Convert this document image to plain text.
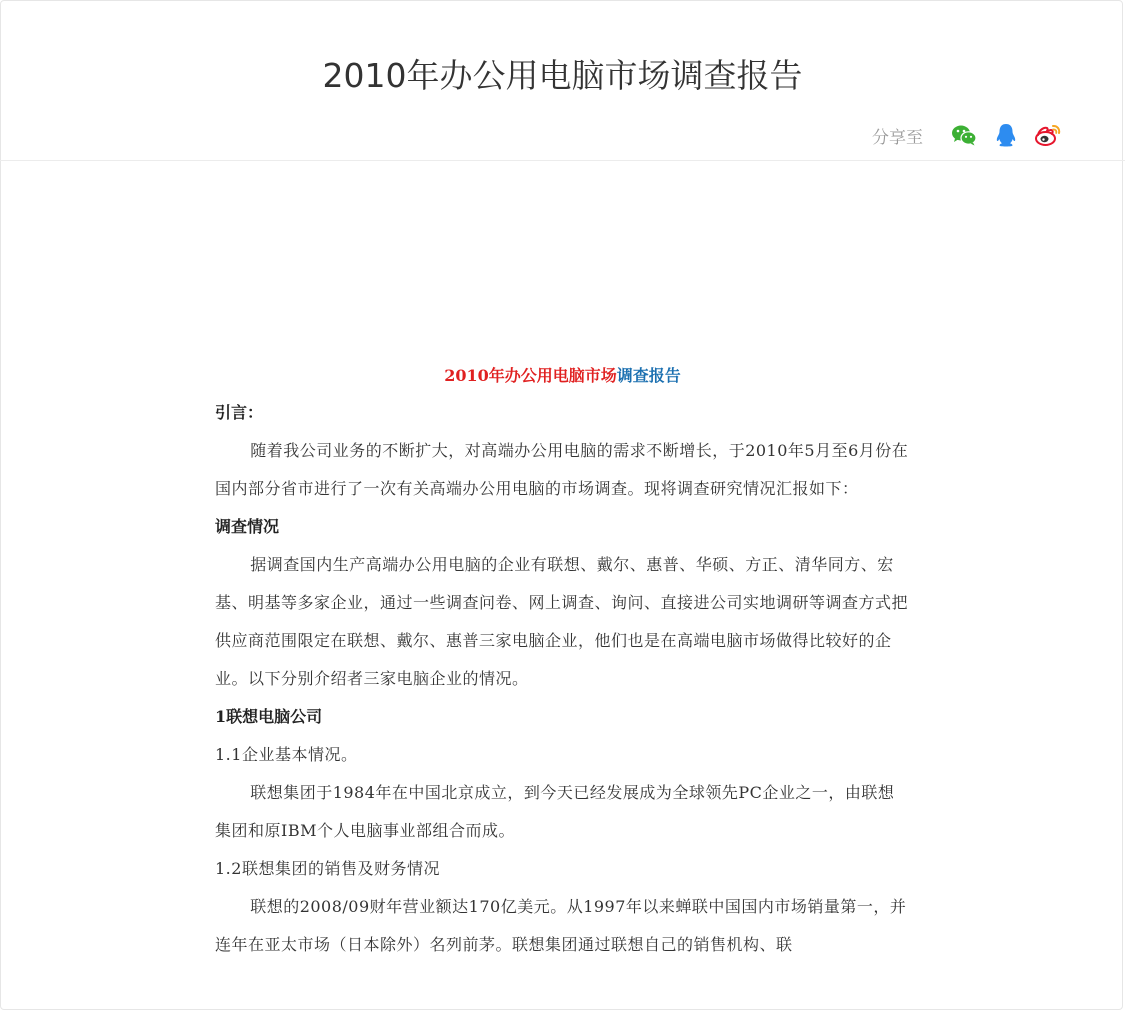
2010年办公用电脑市场调查报告
分享至

2010年办公用电脑市场调查报告

引言：

随着我公司业务的不断扩大，对高端办公用电脑的需求不断增长，于2010年5月至6月份在国内部分省市进行了一次有关高端办公用电脑的市场调查。现将调查研究情况汇报如下：

调查情况

据调查国内生产高端办公用电脑的企业有联想、戴尔、惠普、华硕、方正、清华同方、宏基、明基等多家企业，通过一些调查问卷、网上调查、询问、直接进公司实地调研等调查方式把供应商范围限定在联想、戴尔、惠普三家电脑企业，他们也是在高端电脑市场做得比较好的企业。以下分别介绍者三家电脑企业的情况。

1联想电脑公司

1.1企业基本情况。

联想集团于1984年在中国北京成立，到今天已经发展成为全球领先PC企业之一，由联想集团和原IBM个人电脑事业部组合而成。

1.2联想集团的销售及财务情况

联想的2008/09财年营业额达170亿美元。从1997年以来蝉联中国国内市场销量第一，并连年在亚太市场（日本除外）名列前茅。联想集团通过联想自己的销售机构、联
